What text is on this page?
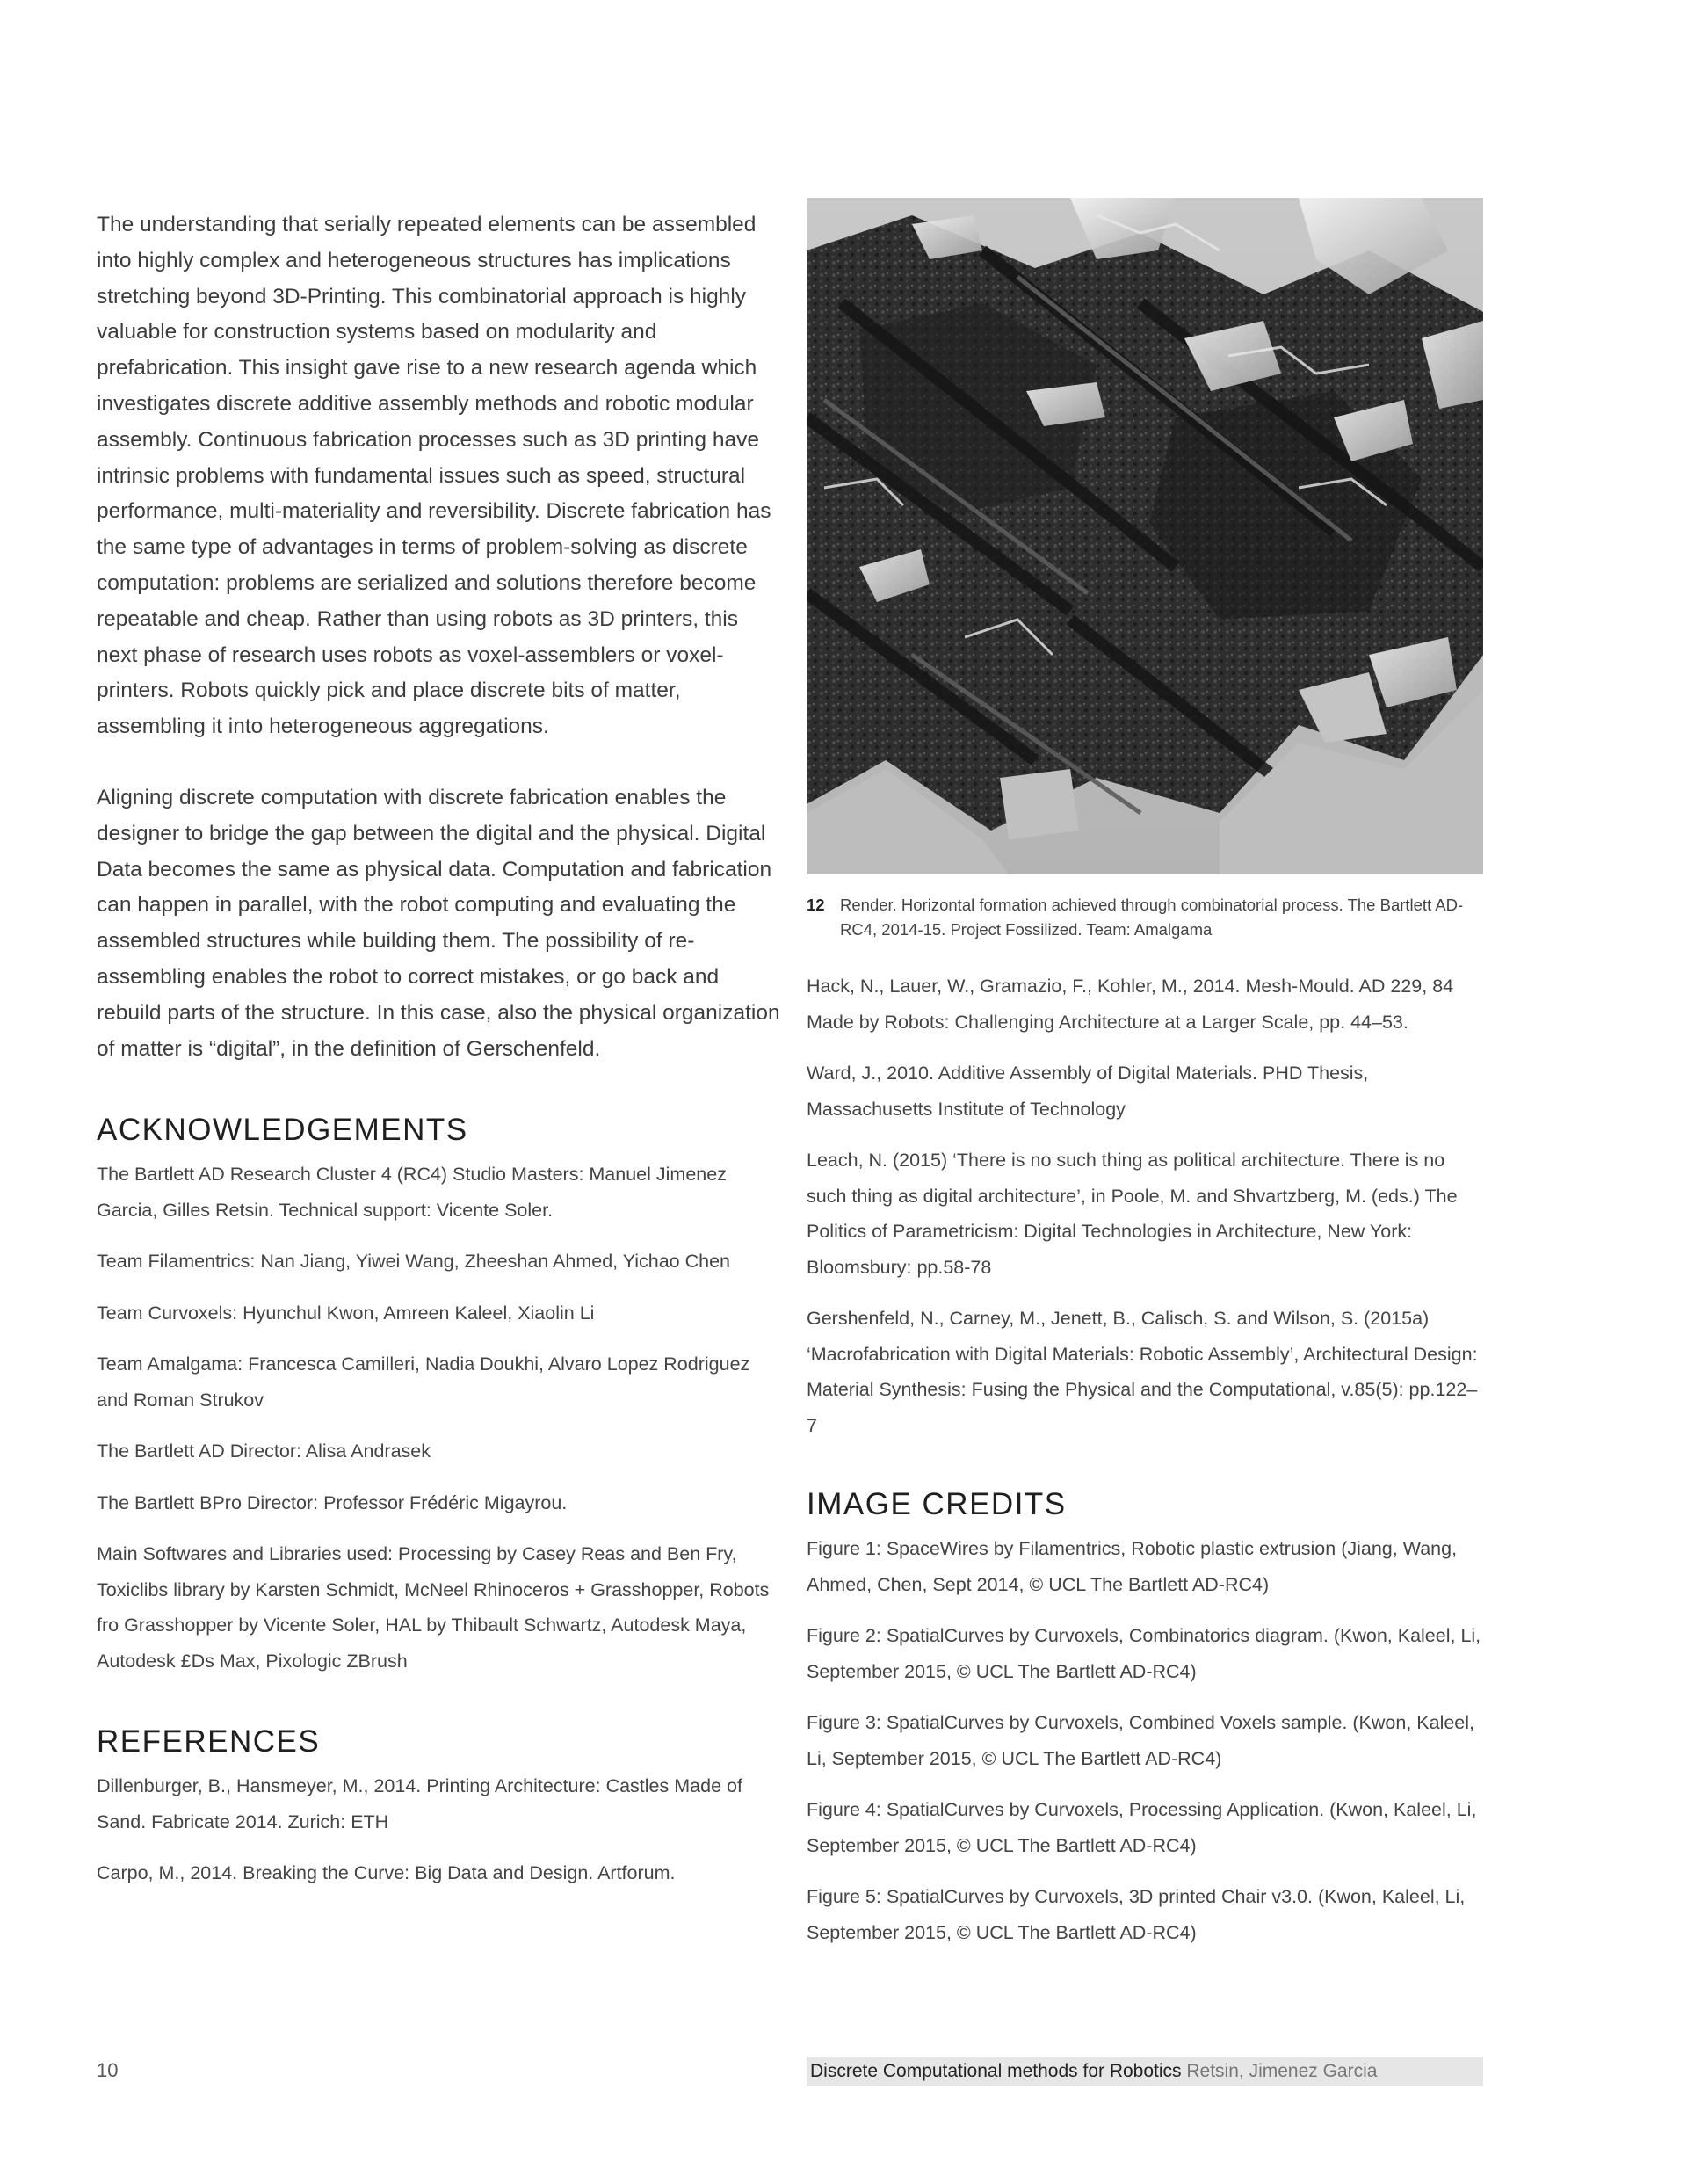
The understanding that serially repeated elements can be assembled into highly complex and heterogeneous structures has implications stretching beyond 3D-Printing. This combinatorial approach is highly valuable for construction systems based on modularity and prefabrication. This insight gave rise to a new research agenda which investigates discrete additive assembly methods and robotic modular assembly. Continuous fabrication processes such as 3D printing have intrinsic problems with fundamental issues such as speed, structural performance, multi-materiality and reversibility. Discrete fabrication has the same type of advantages in terms of problem-solving as discrete computation: problems are serialized and solutions therefore become repeatable and cheap. Rather than using robots as 3D printers, this next phase of research uses robots as voxel-assemblers or voxel-printers. Robots quickly pick and place discrete bits of matter, assembling it into heterogeneous aggregations.

Aligning discrete computation with discrete fabrication enables the designer to bridge the gap between the digital and the physical. Digital Data becomes the same as physical data. Computation and fabrication can happen in parallel, with the robot computing and evaluating the assembled structures while building them. The possibility of re-assembling enables the robot to correct mistakes, or go back and rebuild parts of the structure. In this case, also the physical organization of matter is “digital”, in the definition of Gerschenfeld.

ACKNOWLEDGEMENTS

The Bartlett AD Research Cluster 4 (RC4) Studio Masters: Manuel Jimenez Garcia, Gilles Retsin. Technical support: Vicente Soler.

Team Filamentrics: Nan Jiang, Yiwei Wang, Zheeshan Ahmed, Yichao Chen

Team Curvoxels: Hyunchul Kwon, Amreen Kaleel, Xiaolin Li

Team Amalgama: Francesca Camilleri, Nadia Doukhi, Alvaro Lopez Rodriguez and Roman Strukov

The Bartlett AD Director: Alisa Andrasek

The Bartlett BPro Director: Professor Frédéric Migayrou.

Main Softwares and Libraries used: Processing by Casey Reas and Ben Fry, Toxiclibs library by Karsten Schmidt, McNeel Rhinoceros + Grasshopper, Robots fro Grasshopper by Vicente Soler, HAL by Thibault Schwartz, Autodesk Maya, Autodesk £Ds Max, Pixologic ZBrush

REFERENCES

Dillenburger, B., Hansmeyer, M., 2014. Printing Architecture: Castles Made of Sand. Fabricate 2014. Zurich: ETH

Carpo, M., 2014. Breaking the Curve: Big Data and Design. Artforum.

12 Render. Horizontal formation achieved through combinatorial process. The Bartlett AD-RC4, 2014-15. Project Fossilized. Team: Amalgama

Hack, N., Lauer, W., Gramazio, F., Kohler, M., 2014. Mesh-Mould. AD 229, 84 Made by Robots: Challenging Architecture at a Larger Scale, pp. 44–53.

Ward, J., 2010. Additive Assembly of Digital Materials. PHD Thesis, Massachusetts Institute of Technology

Leach, N. (2015) ‘There is no such thing as political architecture. There is no such thing as digital architecture’, in Poole, M. and Shvartzberg, M. (eds.) The Politics of Parametricism: Digital Technologies in Architecture, New York: Bloomsbury: pp.58-78

Gershenfeld, N., Carney, M., Jenett, B., Calisch, S. and Wilson, S. (2015a) ‘Macrofabrication with Digital Materials: Robotic Assembly’, Architectural Design: Material Synthesis: Fusing the Physical and the Computational, v.85(5): pp.122–7

IMAGE CREDITS

Figure 1: SpaceWires by Filamentrics, Robotic plastic extrusion (Jiang, Wang, Ahmed, Chen, Sept 2014, © UCL The Bartlett AD-RC4)

Figure 2: SpatialCurves by Curvoxels, Combinatorics diagram. (Kwon, Kaleel, Li, September 2015, © UCL The Bartlett AD-RC4)

Figure 3: SpatialCurves by Curvoxels, Combined Voxels sample. (Kwon, Kaleel, Li, September 2015, © UCL The Bartlett AD-RC4)

Figure 4: SpatialCurves by Curvoxels, Processing Application. (Kwon, Kaleel, Li, September 2015, © UCL The Bartlett AD-RC4)

Figure 5: SpatialCurves by Curvoxels, 3D printed Chair v3.0. (Kwon, Kaleel, Li, September 2015, © UCL The Bartlett AD-RC4)

10	Discrete Computational methods for Robotics Retsin, Jimenez Garcia
